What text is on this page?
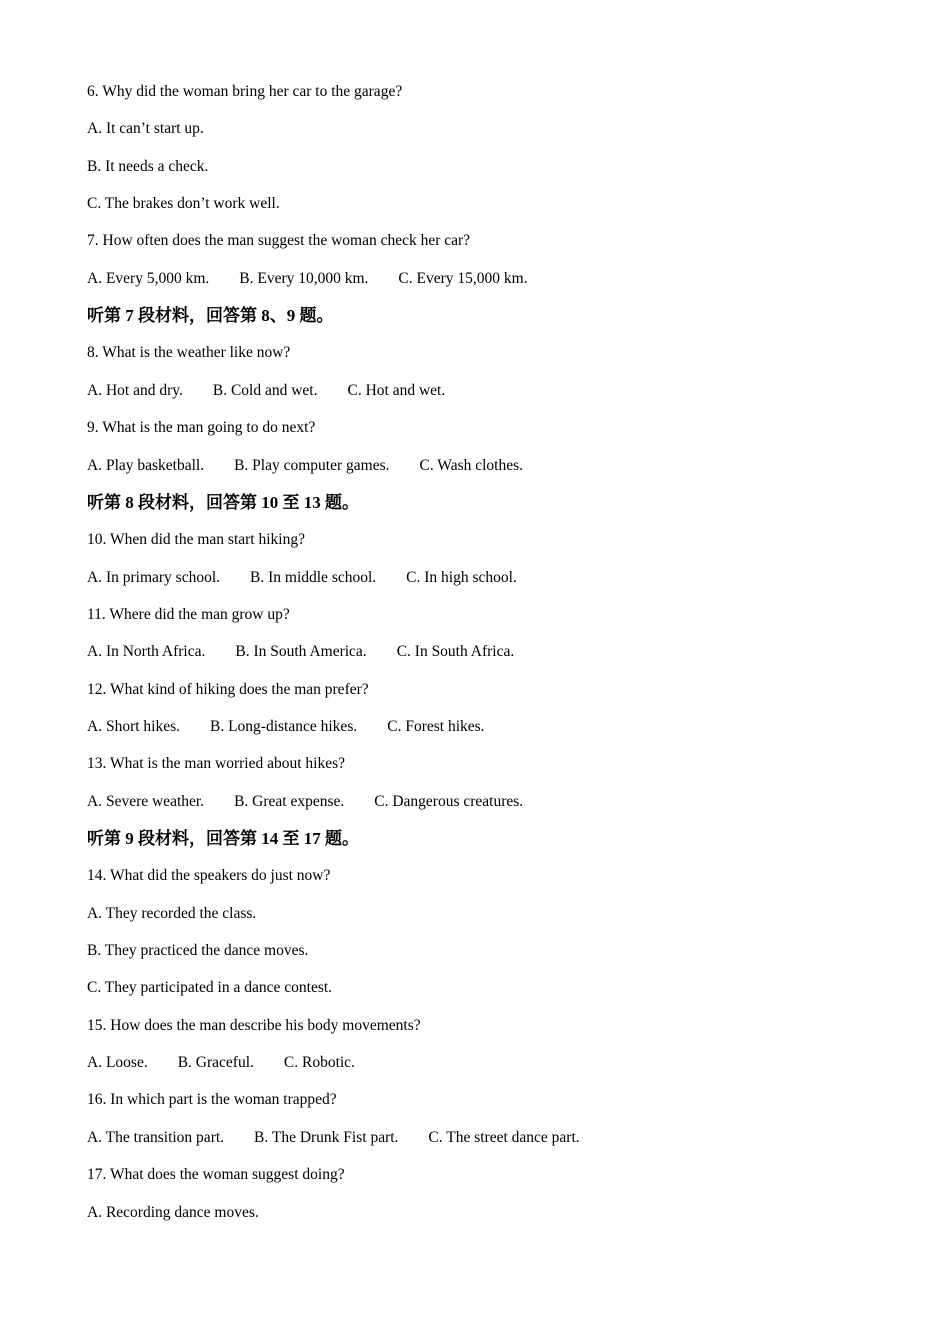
6. Why did the woman bring her car to the garage?
A. It can’t start up.
B. It needs a check.
C. The brakes don’t work well.
7. How often does the man suggest the woman check her car?
A. Every 5,000 km. B. Every 10,000 km. C. Every 15,000 km.
听第 7 段材料，回答第 8、9 题。
8. What is the weather like now?
A. Hot and dry. B. Cold and wet. C. Hot and wet.
9. What is the man going to do next?
A. Play basketball. B. Play computer games. C. Wash clothes.
听第 8 段材料，回答第 10 至 13 题。
10. When did the man start hiking?
A. In primary school. B. In middle school. C. In high school.
11. Where did the man grow up?
A. In North Africa. B. In South America. C. In South Africa.
12. What kind of hiking does the man prefer?
A. Short hikes. B. Long-distance hikes. C. Forest hikes.
13. What is the man worried about hikes?
A. Severe weather. B. Great expense. C. Dangerous creatures.
听第 9 段材料，回答第 14 至 17 题。
14. What did the speakers do just now?
A. They recorded the class.
B. They practiced the dance moves.
C. They participated in a dance contest.
15. How does the man describe his body movements?
A. Loose. B. Graceful. C. Robotic.
16. In which part is the woman trapped?
A. The transition part. B. The Drunk Fist part. C. The street dance part.
17. What does the woman suggest doing?
A. Recording dance moves.
